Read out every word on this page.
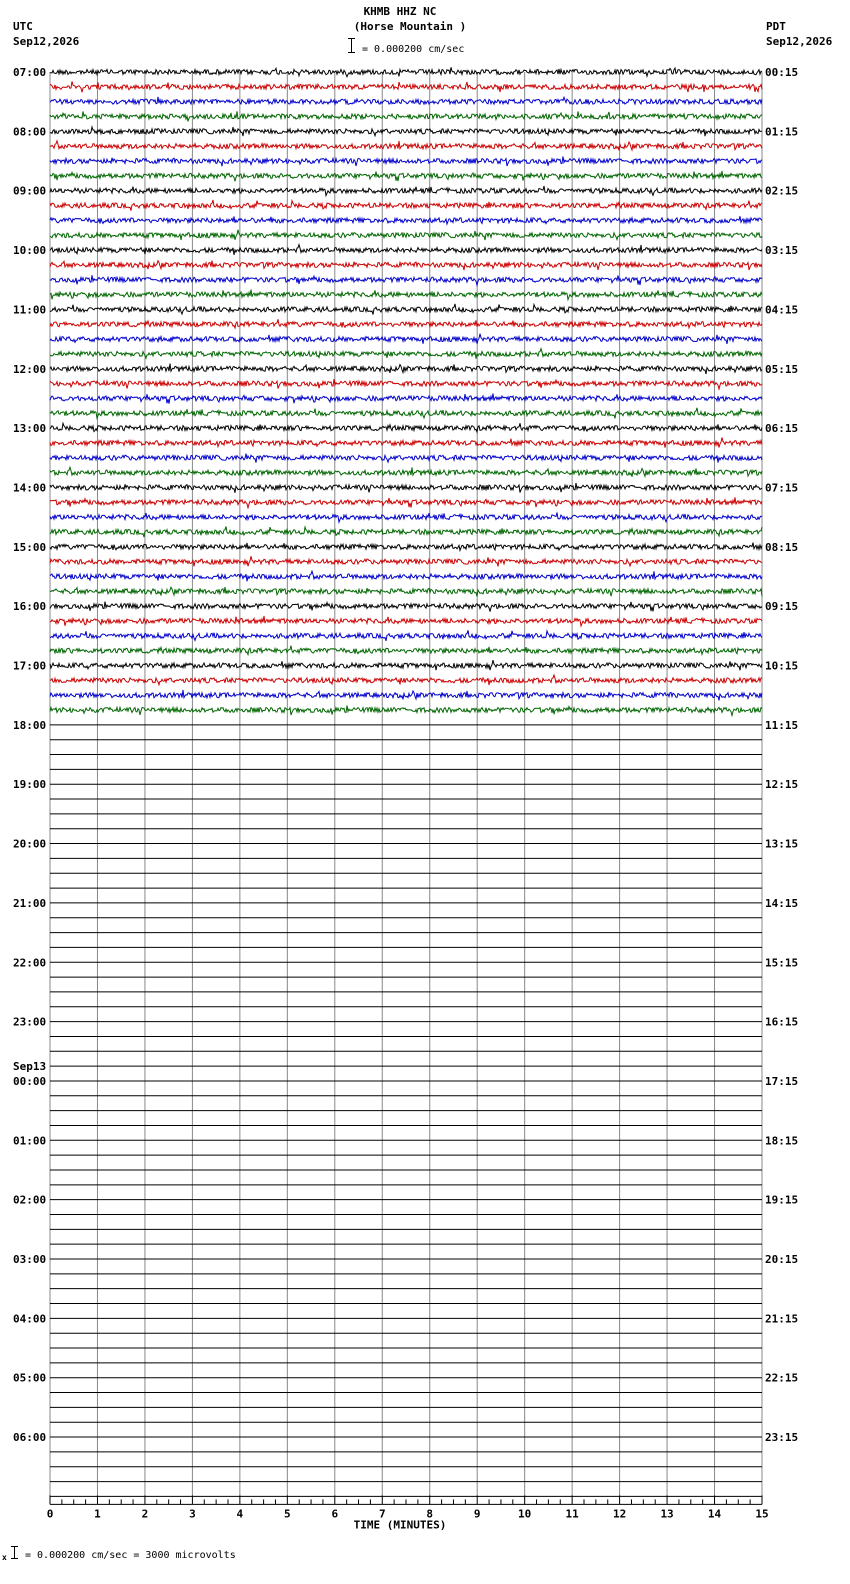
KHMB HHZ NC
(Horse Mountain )
UTC
Sep12,2026
PDT
Sep12,2026
= 0.000200 cm/sec
07:00
08:00
09:00
10:00
11:00
12:00
13:00
14:00
15:00
16:00
17:00
18:00
19:00
20:00
21:00
22:00
23:00
00:00
01:00
02:00
03:00
04:00
05:00
06:00
00:15
01:15
02:15
03:15
04:15
05:15
06:15
07:15
08:15
09:15
10:15
11:15
12:15
13:15
14:15
15:15
16:15
17:15
18:15
19:15
20:15
21:15
22:15
23:15
Sep13
0	1	2	3	4	5	6	7	8	9	10	11	12	13	14	15
TIME (MINUTES)
x = 0.000200 cm/sec = 3000 microvolts
